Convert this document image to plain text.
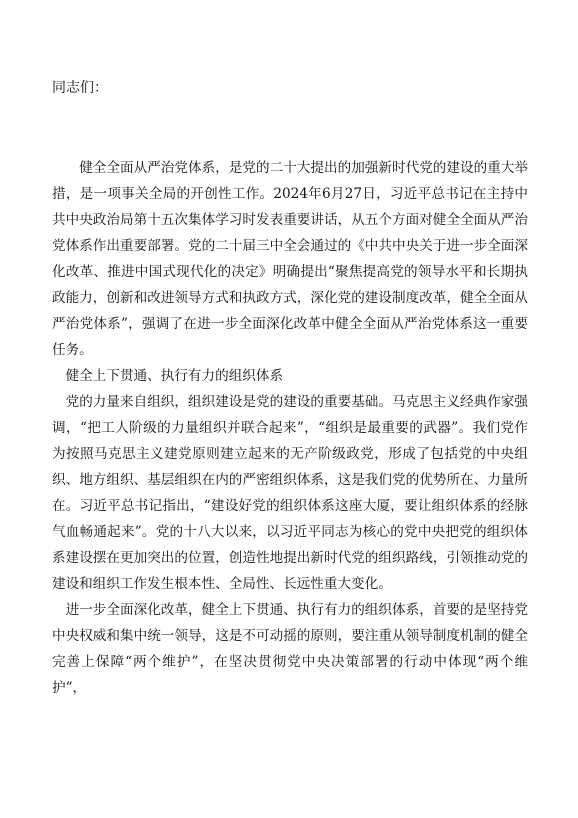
同志们：

健全全面从严治党体系，是党的二十大提出的加强新时代党的建设的重大举措，是一项事关全局的开创性工作。2024年6月27日，习近平总书记在主持中共中央政治局第十五次集体学习时发表重要讲话，从五个方面对健全全面从严治党体系作出重要部署。党的二十届三中全会通过的《中共中央关于进一步全面深化改革、推进中国式现代化的决定》明确提出“聚焦提高党的领导水平和长期执政能力，创新和改进领导方式和执政方式，深化党的建设制度改革，健全全面从严治党体系”，强调了在进一步全面深化改革中健全全面从严治党体系这一重要任务。

健全上下贯通、执行有力的组织体系

党的力量来自组织，组织建设是党的建设的重要基础。马克思主义经典作家强调，“把工人阶级的力量组织并联合起来”，“组织是最重要的武器”。我们党作为按照马克思主义建党原则建立起来的无产阶级政党，形成了包括党的中央组织、地方组织、基层组织在内的严密组织体系，这是我们党的优势所在、力量所在。习近平总书记指出，“建设好党的组织体系这座大厦，要让组织体系的经脉气血畅通起来”。党的十八大以来，以习近平同志为核心的党中央把党的组织体系建设摆在更加突出的位置，创造性地提出新时代党的组织路线，引领推动党的建设和组织工作发生根本性、全局性、长远性重大变化。

进一步全面深化改革，健全上下贯通、执行有力的组织体系，首要的是坚持党中央权威和集中统一领导，这是不可动摇的原则，要注重从领导制度机制的健全完善上保障“两个维护”，在坚决贯彻党中央决策部署的行动中体现“两个维护”，
